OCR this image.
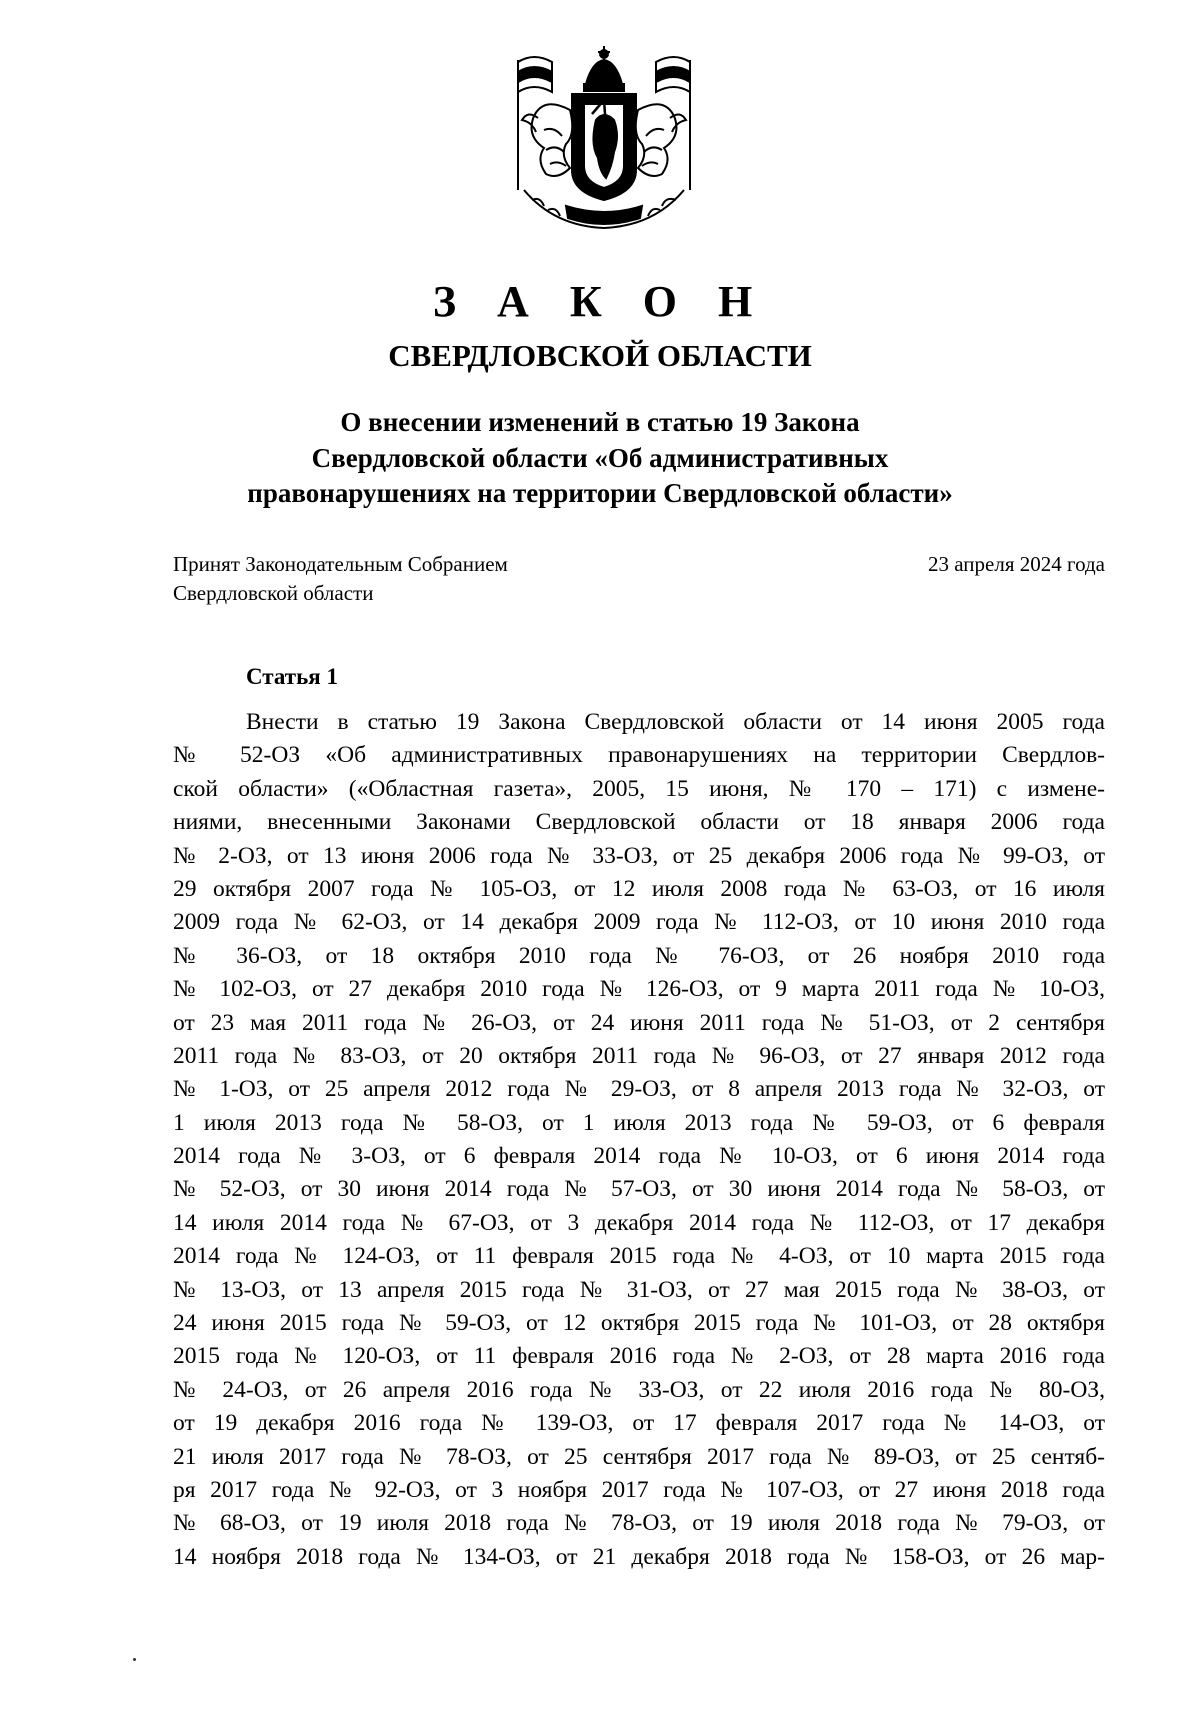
З А К О Н
СВЕРДЛОВСКОЙ ОБЛАСТИ
О внесении изменений в статью 19 Закона
Свердловской области «Об административных
правонарушениях на территории Свердловской области»
Принят Законодательным Собранием
Свердловской области
23 апреля 2024 года
Статья 1
Внести в статью 19 Закона Свердловской области от 14 июня 2005 года
№ 52-ОЗ «Об административных правонарушениях на территории Свердлов-
ской области» («Областная газета», 2005, 15 июня, № 170 – 171) с измене-
ниями, внесенными Законами Свердловской области от 18 января 2006 года
№ 2-ОЗ, от 13 июня 2006 года № 33-ОЗ, от 25 декабря 2006 года № 99-ОЗ, от
29 октября 2007 года № 105-ОЗ, от 12 июля 2008 года № 63-ОЗ, от 16 июля
2009 года № 62-ОЗ, от 14 декабря 2009 года № 112-ОЗ, от 10 июня 2010 года
№ 36-ОЗ, от 18 октября 2010 года № 76-ОЗ, от 26 ноября 2010 года
№ 102-ОЗ, от 27 декабря 2010 года № 126-ОЗ, от 9 марта 2011 года № 10-ОЗ,
от 23 мая 2011 года № 26-ОЗ, от 24 июня 2011 года № 51-ОЗ, от 2 сентября
2011 года № 83-ОЗ, от 20 октября 2011 года № 96-ОЗ, от 27 января 2012 года
№ 1-ОЗ, от 25 апреля 2012 года № 29-ОЗ, от 8 апреля 2013 года № 32-ОЗ, от
1 июля 2013 года № 58-ОЗ, от 1 июля 2013 года № 59-ОЗ, от 6 февраля
2014 года № 3-ОЗ, от 6 февраля 2014 года № 10-ОЗ, от 6 июня 2014 года
№ 52-ОЗ, от 30 июня 2014 года № 57-ОЗ, от 30 июня 2014 года № 58-ОЗ, от
14 июля 2014 года № 67-ОЗ, от 3 декабря 2014 года № 112-ОЗ, от 17 декабря
2014 года № 124-ОЗ, от 11 февраля 2015 года № 4-ОЗ, от 10 марта 2015 года
№ 13-ОЗ, от 13 апреля 2015 года № 31-ОЗ, от 27 мая 2015 года № 38-ОЗ, от
24 июня 2015 года № 59-ОЗ, от 12 октября 2015 года № 101-ОЗ, от 28 октября
2015 года № 120-ОЗ, от 11 февраля 2016 года № 2-ОЗ, от 28 марта 2016 года
№ 24-ОЗ, от 26 апреля 2016 года № 33-ОЗ, от 22 июля 2016 года № 80-ОЗ,
от 19 декабря 2016 года № 139-ОЗ, от 17 февраля 2017 года № 14-ОЗ, от
21 июля 2017 года № 78-ОЗ, от 25 сентября 2017 года № 89-ОЗ, от 25 сентяб-
ря 2017 года № 92-ОЗ, от 3 ноября 2017 года № 107-ОЗ, от 27 июня 2018 года
№ 68-ОЗ, от 19 июля 2018 года № 78-ОЗ, от 19 июля 2018 года № 79-ОЗ, от
14 ноября 2018 года № 134-ОЗ, от 21 декабря 2018 года № 158-ОЗ, от 26 мар-
